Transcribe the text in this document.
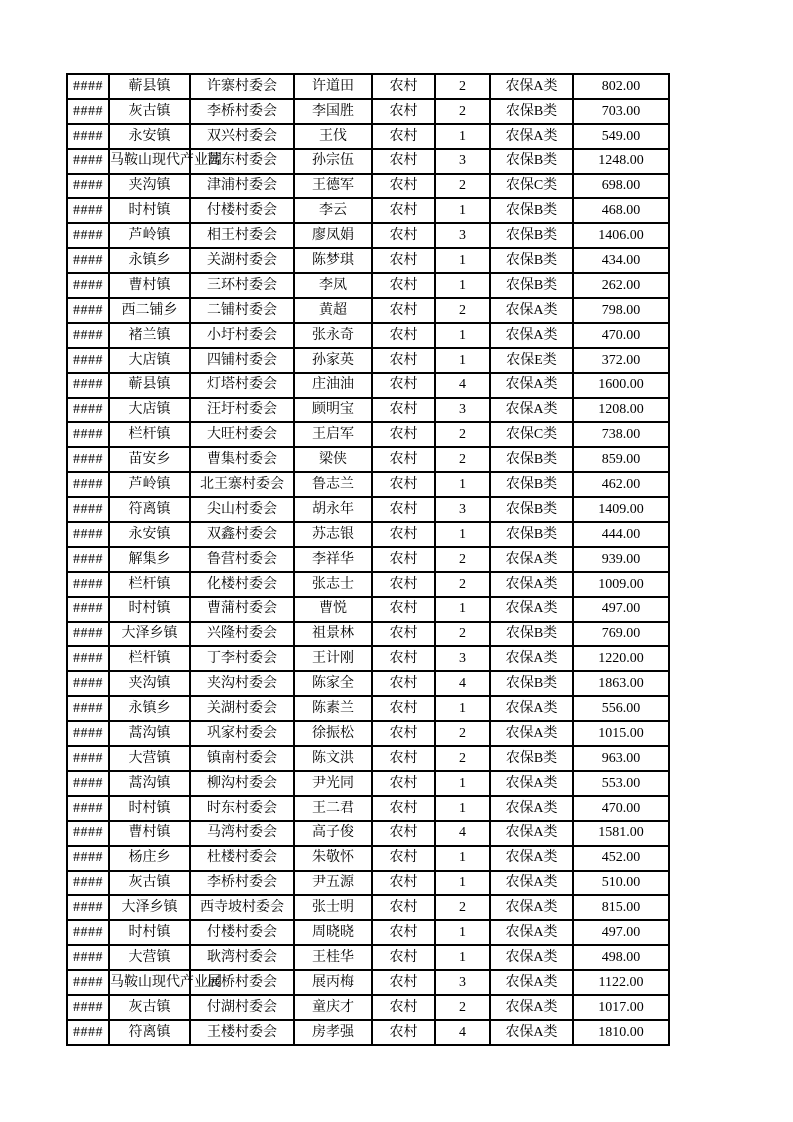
####	蕲县镇	许寨村委会	许道田	农村	2	农保A类	802.00
####	灰古镇	李桥村委会	李国胜	农村	2	农保B类	703.00
####	永安镇	双兴村委会	王伐	农村	1	农保A类	549.00
####	马鞍山现代产业园	蒿东村委会	孙宗伍	农村	3	农保B类	1248.00
####	夹沟镇	津浦村委会	王德军	农村	2	农保C类	698.00
####	时村镇	付楼村委会	李云	农村	1	农保B类	468.00
####	芦岭镇	相王村委会	廖凤娟	农村	3	农保B类	1406.00
####	永镇乡	关湖村委会	陈梦琪	农村	1	农保B类	434.00
####	曹村镇	三环村委会	李凤	农村	1	农保B类	262.00
####	西二铺乡	二铺村委会	黄超	农村	2	农保A类	798.00
####	褚兰镇	小圩村委会	张永奇	农村	1	农保A类	470.00
####	大店镇	四铺村委会	孙家英	农村	1	农保E类	372.00
####	蕲县镇	灯塔村委会	庄油油	农村	4	农保A类	1600.00
####	大店镇	汪圩村委会	顾明宝	农村	3	农保A类	1208.00
####	栏杆镇	大旺村委会	王启军	农村	2	农保C类	738.00
####	苗安乡	曹集村委会	梁侠	农村	2	农保B类	859.00
####	芦岭镇	北王寨村委会	鲁志兰	农村	1	农保B类	462.00
####	符离镇	尖山村委会	胡永年	农村	3	农保B类	1409.00
####	永安镇	双鑫村委会	苏志银	农村	1	农保B类	444.00
####	解集乡	鲁营村委会	李祥华	农村	2	农保A类	939.00
####	栏杆镇	化楼村委会	张志士	农村	2	农保A类	1009.00
####	时村镇	曹蒲村委会	曹悦	农村	1	农保A类	497.00
####	大泽乡镇	兴隆村委会	祖景林	农村	2	农保B类	769.00
####	栏杆镇	丁李村委会	王计刚	农村	3	农保A类	1220.00
####	夹沟镇	夹沟村委会	陈家全	农村	4	农保B类	1863.00
####	永镇乡	关湖村委会	陈素兰	农村	1	农保A类	556.00
####	蒿沟镇	巩家村委会	徐振松	农村	2	农保A类	1015.00
####	大营镇	镇南村委会	陈文洪	农村	2	农保B类	963.00
####	蒿沟镇	柳沟村委会	尹光同	农村	1	农保A类	553.00
####	时村镇	时东村委会	王二君	农村	1	农保A类	470.00
####	曹村镇	马湾村委会	高子俊	农村	4	农保A类	1581.00
####	杨庄乡	杜楼村委会	朱敬怀	农村	1	农保A类	452.00
####	灰古镇	李桥村委会	尹五源	农村	1	农保A类	510.00
####	大泽乡镇	西寺坡村委会	张士明	农村	2	农保A类	815.00
####	时村镇	付楼村委会	周晓晓	农村	1	农保A类	497.00
####	大营镇	耿湾村委会	王桂华	农村	1	农保A类	498.00
####	马鞍山现代产业园	展桥村委会	展丙梅	农村	3	农保A类	1122.00
####	灰古镇	付湖村委会	童庆才	农村	2	农保A类	1017.00
####	符离镇	王楼村委会	房孝强	农村	4	农保A类	1810.00
